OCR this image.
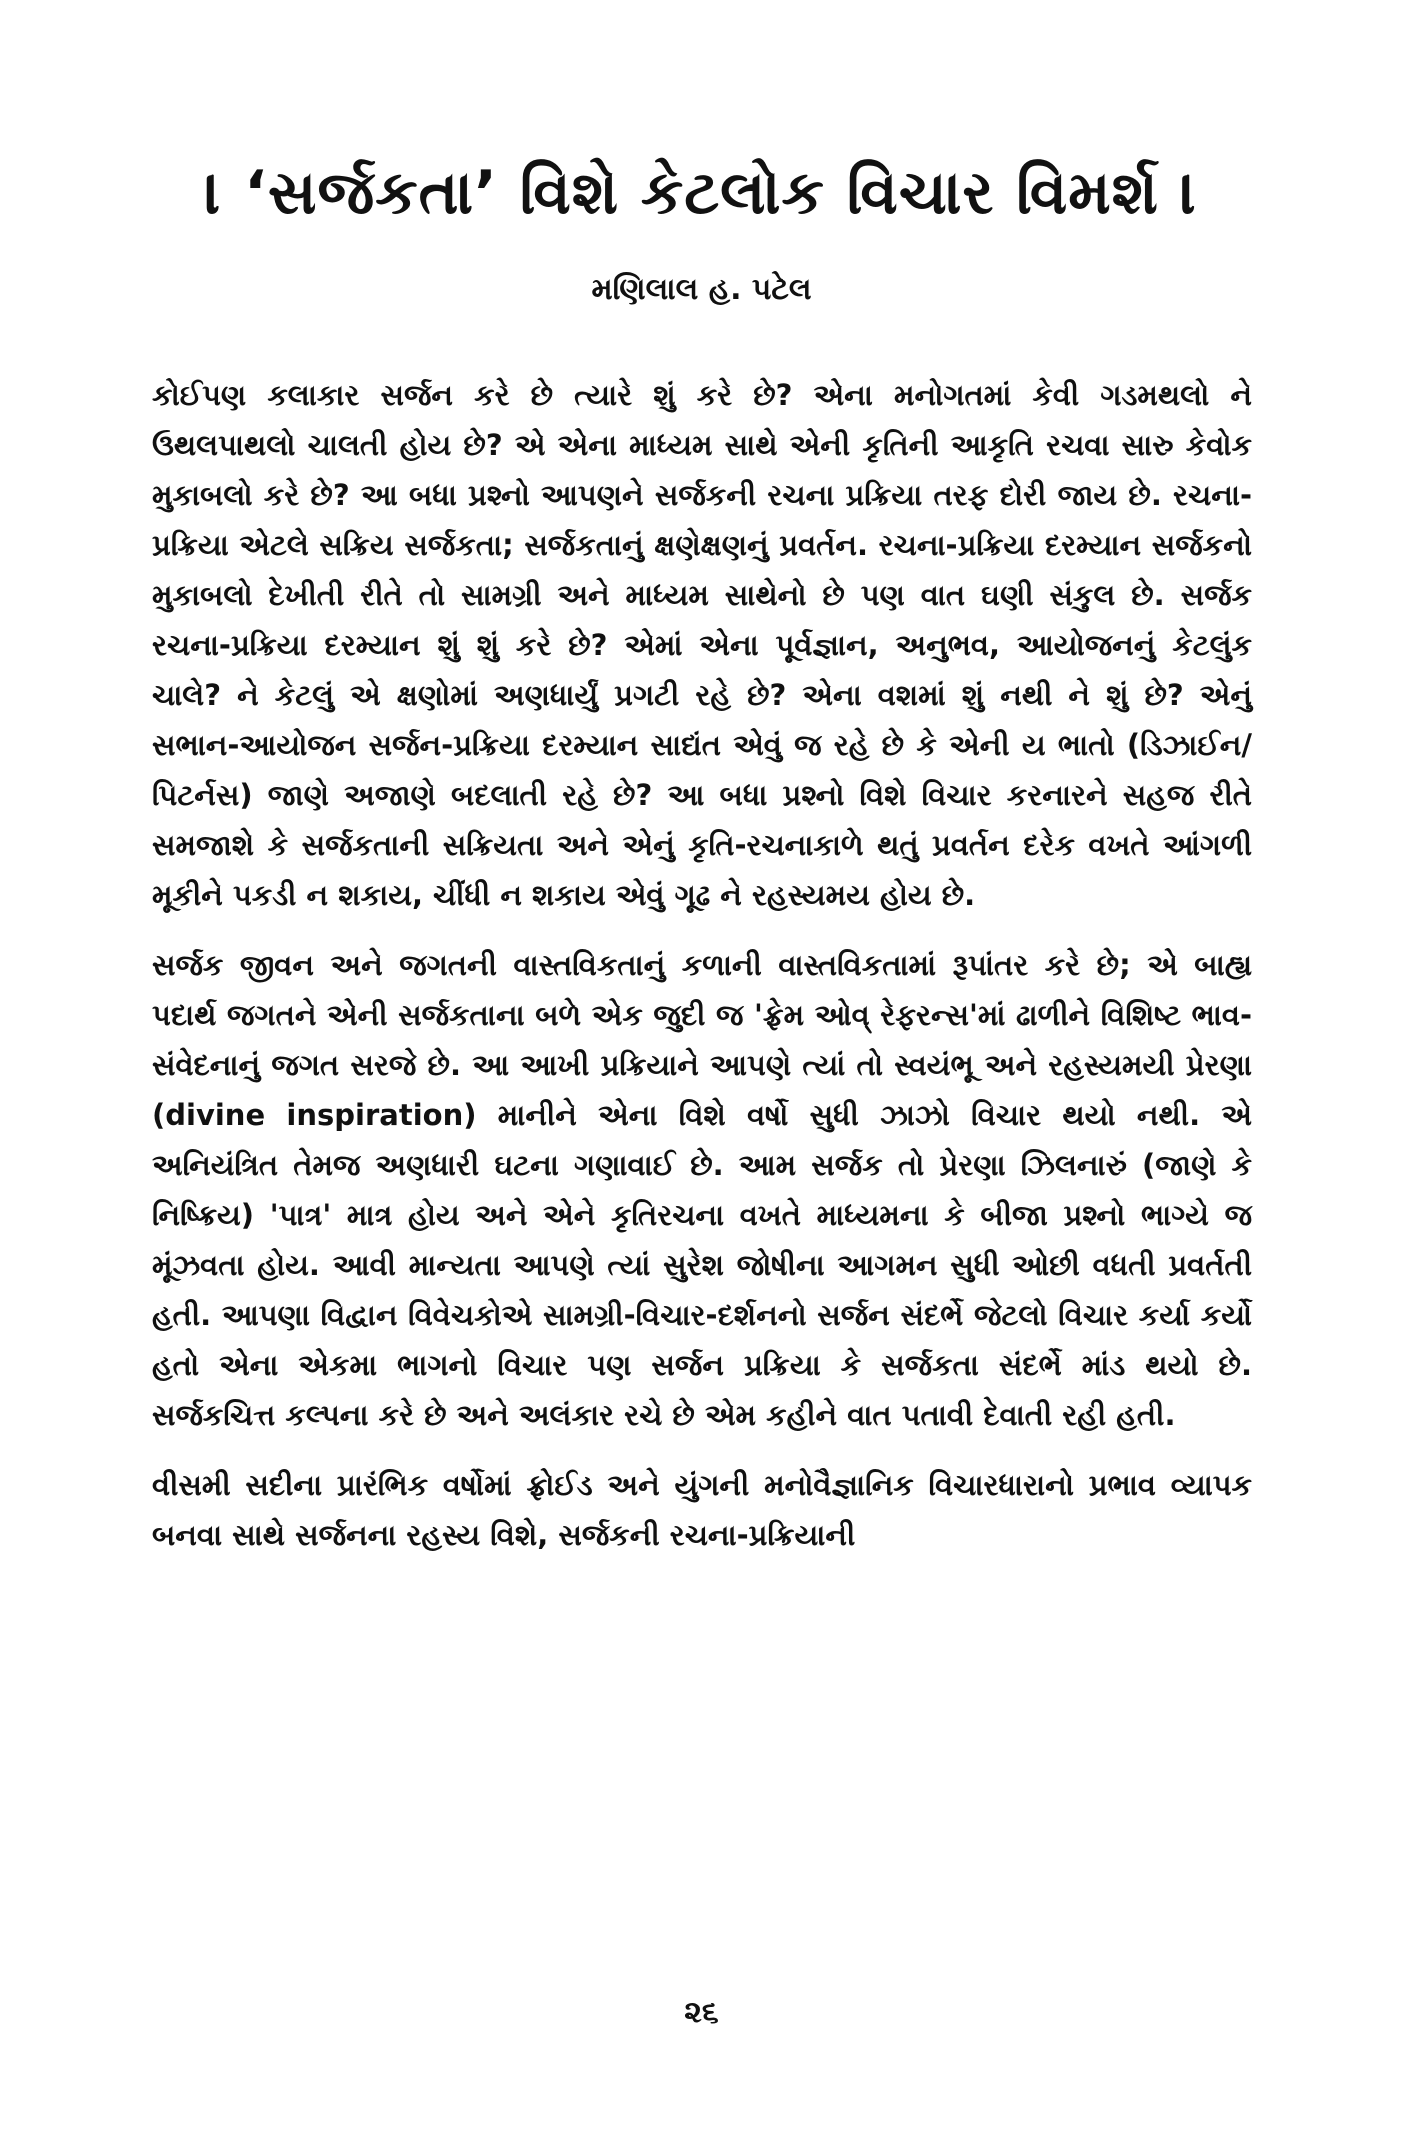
। ‘સર્જકતા’ વિશે કેટલોક વિચાર વિમર્શ ।
મણિલાલ હ. પટેલ

કોઈપણ કલાકાર સર્જન કરે છે ત્યારે શું કરે છે? એના મનોગતમાં કેવી ગડમથલો ને ઉથલપાથલો ચાલતી હોય છે? એ એના માધ્યમ સાથે એની કૃતિની આકૃતિ રચવા સારુ કેવોક મુકાબલો કરે છે? આ બધા પ્રશ્નો આપણને સર્જકની રચના પ્રક્રિયા તરફ દોરી જાય છે. રચના-પ્રક્રિયા એટલે સક્રિય સર્જકતા; સર્જકતાનું ક્ષણેક્ષણનું પ્રવર્તન. રચના-પ્રક્રિયા દરમ્યાન સર્જકનો મુકાબલો દેખીતી રીતે તો સામગ્રી અને માધ્યમ સાથેનો છે પણ વાત ઘણી સંકુલ છે. સર્જક રચના-પ્રક્રિયા દરમ્યાન શું શું કરે છે? એમાં એના પૂર્વજ્ઞાન, અનુભવ, આયોજનનું કેટલુંક ચાલે? ને કેટલું એ ક્ષણોમાં અણધાર્યું પ્રગટી રહે છે? એના વશમાં શું નથી ને શું છે? એનું સભાન-આયોજન સર્જન-પ્રક્રિયા દરમ્યાન સાદ્યંત એવું જ રહે છે કે એની ય ભાતો (ડિઝાઈન/પિટર્નસ) જાણે અજાણે બદલાતી રહે છે? આ બધા પ્રશ્નો વિશે વિચાર કરનારને સહજ રીતે સમજાશે કે સર્જકતાની સક્રિયતા અને એનું કૃતિ-રચનાકાળે થતું પ્રવર્તન દરેક વખતે આંગળી મૂકીને પકડી ન શકાય, ચીંધી ન શકાય એવું ગૂઢ ને રહસ્યમય હોય છે.

સર્જક જીવન અને જગતની વાસ્તવિકતાનું કળાની વાસ્તવિકતામાં રૂપાંતર કરે છે; એ બાહ્ય પદાર્થ જગતને એની સર્જકતાના બળે એક જુદી જ 'ફ્રેમ ઓવ્ રેફરન્સ'માં ઢાળીને વિશિષ્ટ ભાવ-સંવેદનાનું જગત સરજે છે. આ આખી પ્રક્રિયાને આપણે ત્યાં તો સ્વયંભૂ અને રહસ્યમયી પ્રેરણા (divine inspiration) માનીને એના વિશે વર્ષો સુધી ઝાઝો વિચાર થયો નથી. એ અનિયંત્રિત તેમજ અણધારી ઘટના ગણાવાઈ છે. આમ સર્જક તો પ્રેરણા ઝિલનારું (જાણે કે નિષ્ક્રિય) 'પાત્ર' માત્ર હોય અને એને કૃતિરચના વખતે માધ્યમના કે બીજા પ્રશ્નો ભાગ્યે જ મૂંઝવતા હોય. આવી માન્યતા આપણે ત્યાં સુરેશ જોષીના આગમન સુધી ઓછી વધતી પ્રવર્તતી હતી. આપણા વિદ્વાન વિવેચકોએ સામગ્રી-વિચાર-દર્શનનો સર્જન સંદર્ભે જેટલો વિચાર કર્યા કર્યો હતો એના એકમા ભાગનો વિચાર પણ સર્જન પ્રક્રિયા કે સર્જકતા સંદર્ભે માંડ થયો છે. સર્જકચિત્ત કલ્પના કરે છે અને અલંકાર રચે છે એમ કહીને વાત પતાવી દેવાતી રહી હતી.

વીસમી સદીના પ્રારંભિક વર્ષોમાં ફ્રોઈડ અને યુંગની મનોવૈજ્ઞાનિક વિચારધારાનો પ્રભાવ વ્યાપક બનવા સાથે સર્જનના રહસ્ય વિશે, સર્જકની રચના-પ્રક્રિયાની

૨૬
